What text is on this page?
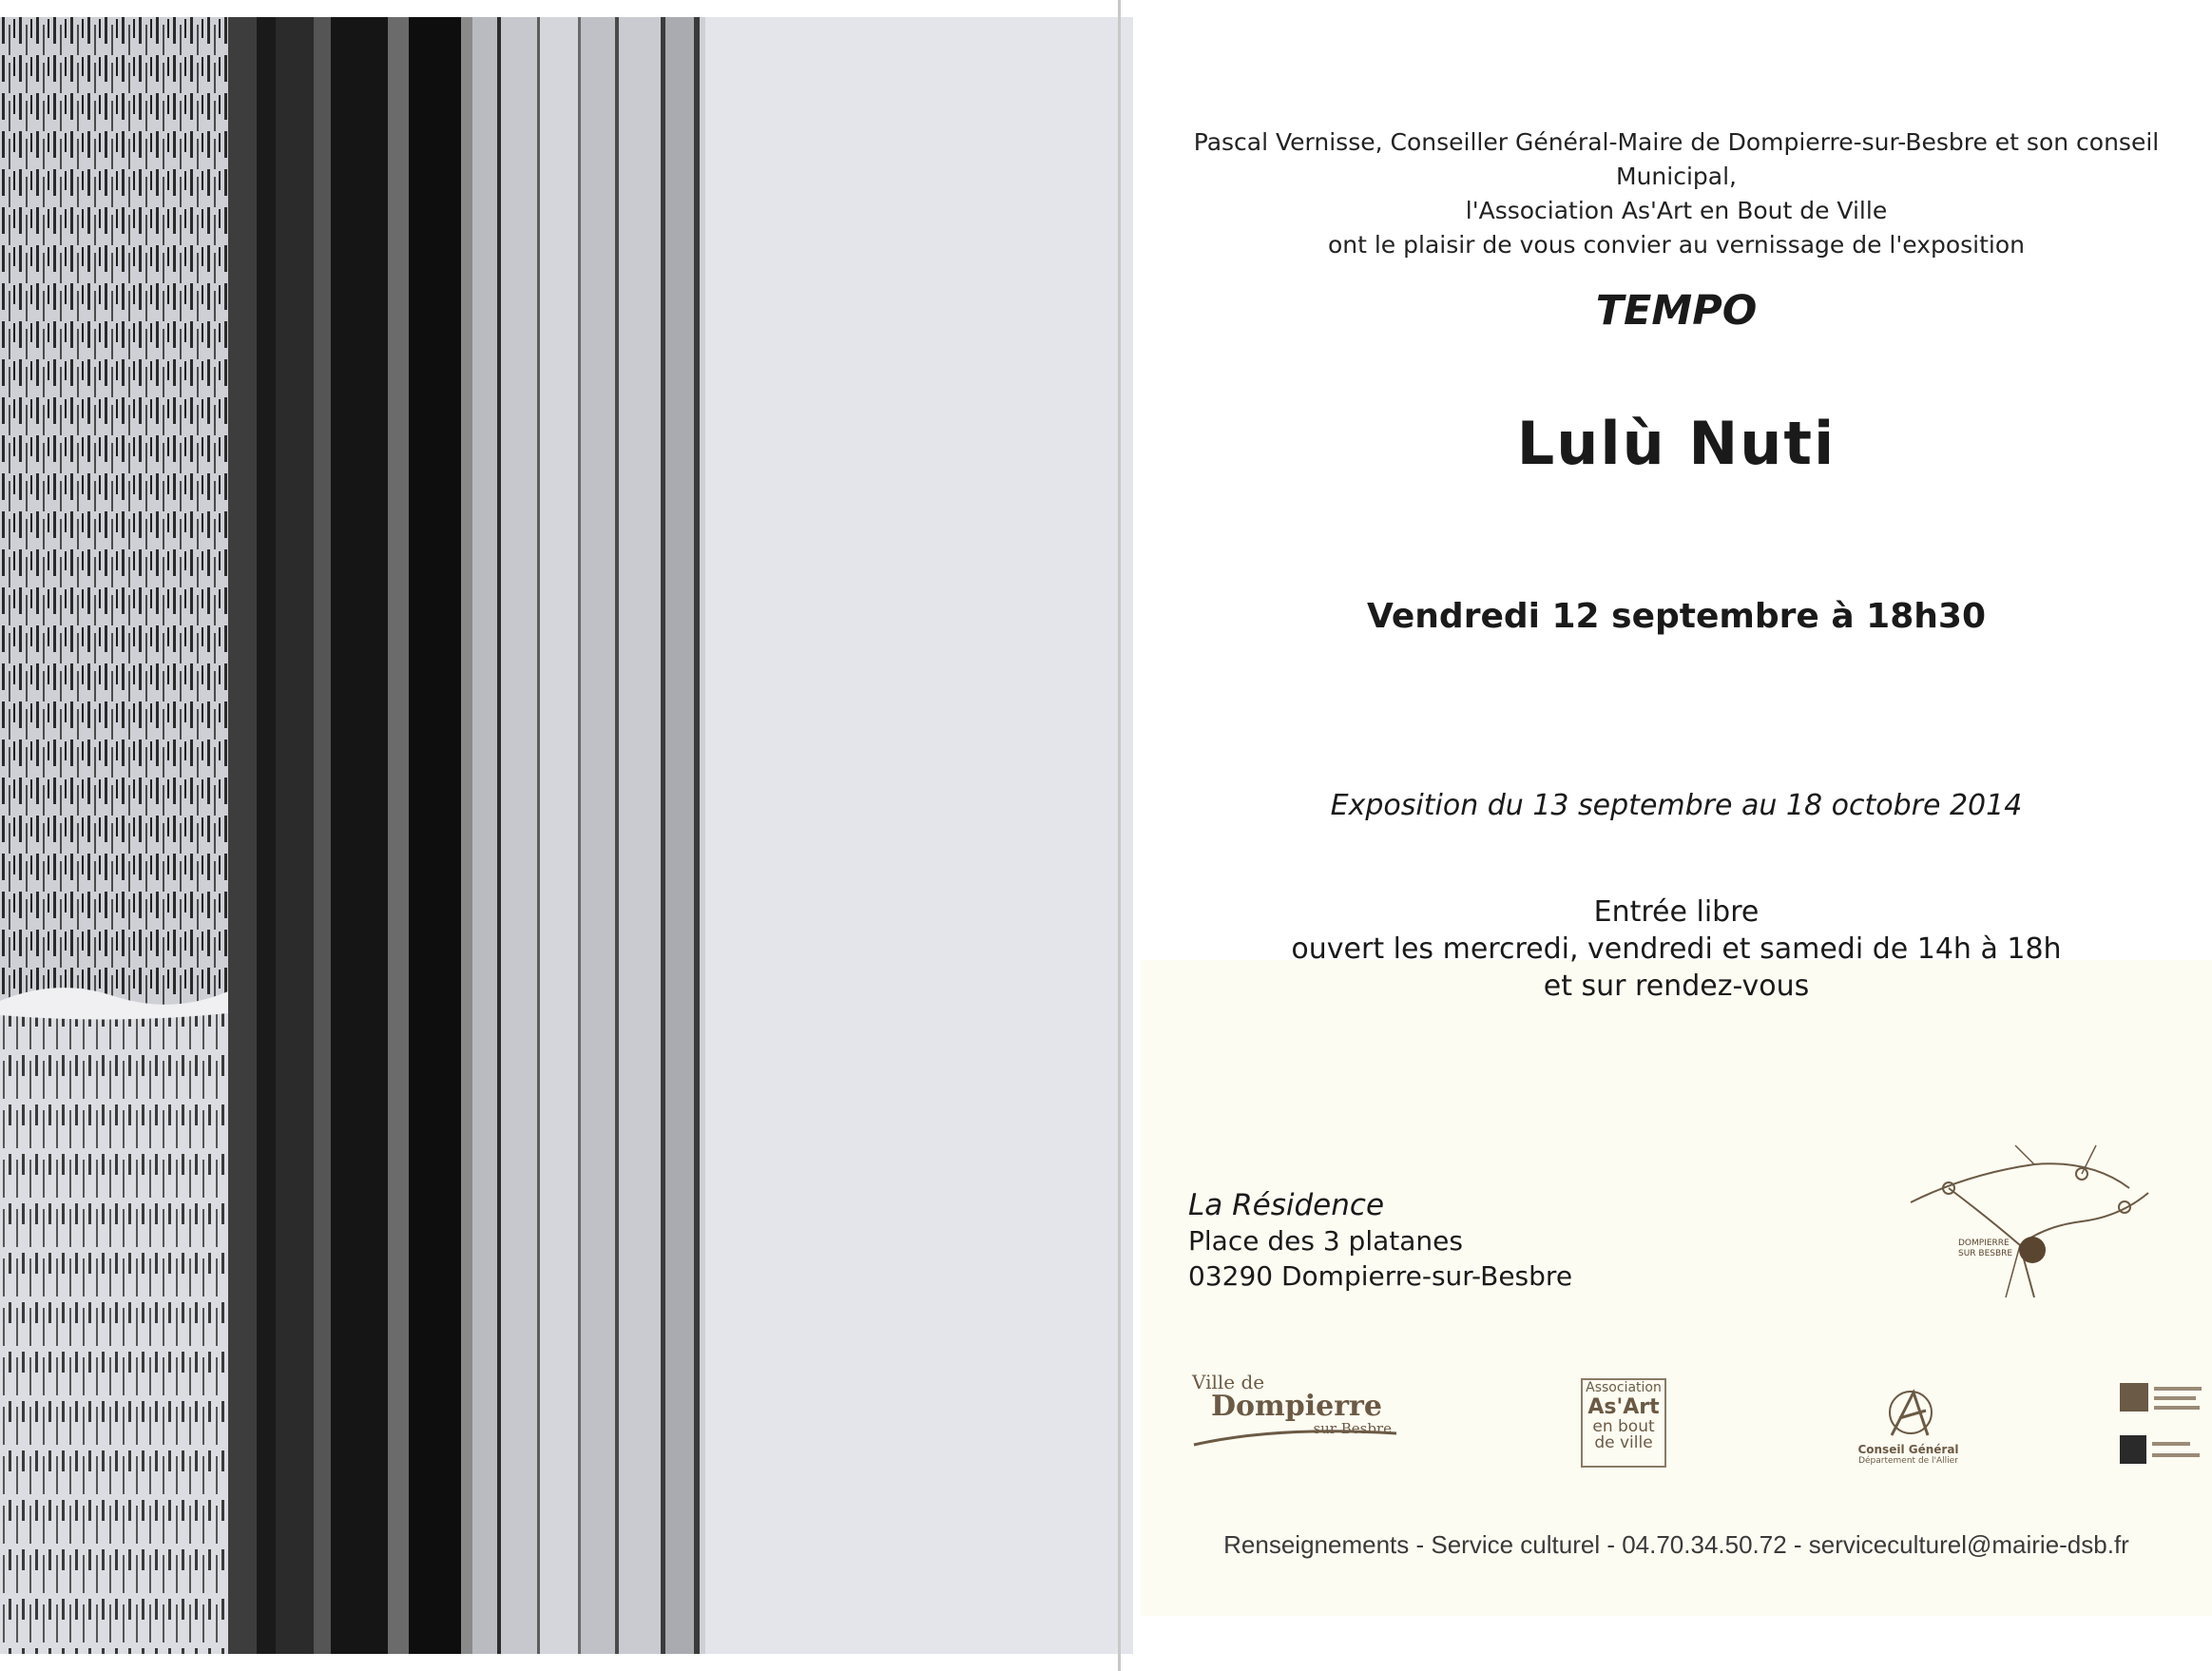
Pascal Vernisse, Conseiller Général-Maire de Dompierre-sur-Besbre et son conseil Municipal,
l'Association As'Art en Bout de Ville
ont le plaisir de vous convier au vernissage de l'exposition
TEMPO
Lulù Nuti
Vendredi 12 septembre à 18h30
Exposition du 13 septembre au 18 octobre 2014
Entrée libre
ouvert les mercredi, vendredi et samedi de 14h à 18h
et sur rendez-vous
La Résidence
Place des 3 platanes
03290 Dompierre-sur-Besbre
DOMPIERRE
SUR BESBRE
Ville de
Dompierre
sur Besbre
Association
As'Art
en bout
de ville	Conseil Général
Département de l'Allier
Renseignements - Service culturel - 04.70.34.50.72 - serviceculturel@mairie-dsb.fr
